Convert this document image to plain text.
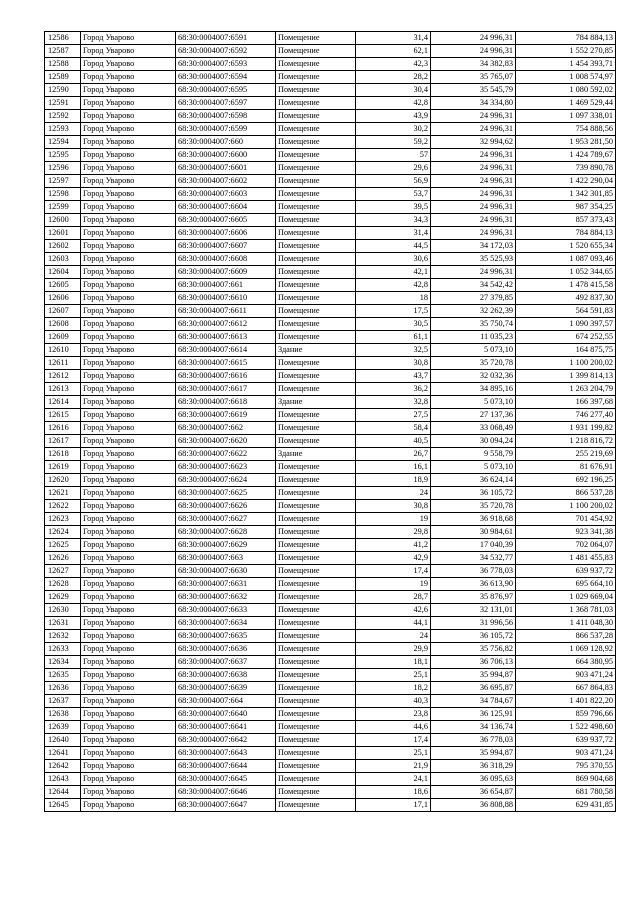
12586	Город Уварово	68:30:0004007:6591	Помещение	31,4	24 996,31	784 884,13
12587	Город Уварово	68:30:0004007:6592	Помещение	62,1	24 996,31	1 552 270,85
12588	Город Уварово	68:30:0004007:6593	Помещение	42,3	34 382,83	1 454 393,71
12589	Город Уварово	68:30:0004007:6594	Помещение	28,2	35 765,07	1 008 574,97
12590	Город Уварово	68:30:0004007:6595	Помещение	30,4	35 545,79	1 080 592,02
12591	Город Уварово	68:30:0004007:6597	Помещение	42,8	34 334,80	1 469 529,44
12592	Город Уварово	68:30:0004007:6598	Помещение	43,9	24 996,31	1 097 338,01
12593	Город Уварово	68:30:0004007:6599	Помещение	30,2	24 996,31	754 888,56
12594	Город Уварово	68:30:0004007:660	Помещение	59,2	32 994,62	1 953 281,50
12595	Город Уварово	68:30:0004007:6600	Помещение	57	24 996,31	1 424 789,67
12596	Город Уварово	68:30:0004007:6601	Помещение	29,6	24 996,31	739 890,78
12597	Город Уварово	68:30:0004007:6602	Помещение	56,9	24 996,31	1 422 290,04
12598	Город Уварово	68:30:0004007:6603	Помещение	53,7	24 996,31	1 342 301,85
12599	Город Уварово	68:30:0004007:6604	Помещение	39,5	24 996,31	987 354,25
12600	Город Уварово	68:30:0004007:6605	Помещение	34,3	24 996,31	857 373,43
12601	Город Уварово	68:30:0004007:6606	Помещение	31,4	24 996,31	784 884,13
12602	Город Уварово	68:30:0004007:6607	Помещение	44,5	34 172,03	1 520 655,34
12603	Город Уварово	68:30:0004007:6608	Помещение	30,6	35 525,93	1 087 093,46
12604	Город Уварово	68:30:0004007:6609	Помещение	42,1	24 996,31	1 052 344,65
12605	Город Уварово	68:30:0004007:661	Помещение	42,8	34 542,42	1 478 415,58
12606	Город Уварово	68:30:0004007:6610	Помещение	18	27 379,85	492 837,30
12607	Город Уварово	68:30:0004007:6611	Помещение	17,5	32 262,39	564 591,83
12608	Город Уварово	68:30:0004007:6612	Помещение	30,5	35 750,74	1 090 397,57
12609	Город Уварово	68:30:0004007:6613	Помещение	61,1	11 035,23	674 252,55
12610	Город Уварово	68:30:0004007:6614	Здание	32,5	5 073,10	164 875,75
12611	Город Уварово	68:30:0004007:6615	Помещение	30,8	35 720,78	1 100 200,02
12612	Город Уварово	68:30:0004007:6616	Помещение	43,7	32 032,36	1 399 814,13
12613	Город Уварово	68:30:0004007:6617	Помещение	36,2	34 895,16	1 263 204,79
12614	Город Уварово	68:30:0004007:6618	Здание	32,8	5 073,10	166 397,68
12615	Город Уварово	68:30:0004007:6619	Помещение	27,5	27 137,36	746 277,40
12616	Город Уварово	68:30:0004007:662	Помещение	58,4	33 068,49	1 931 199,82
12617	Город Уварово	68:30:0004007:6620	Помещение	40,5	30 094,24	1 218 816,72
12618	Город Уварово	68:30:0004007:6622	Здание	26,7	9 558,79	255 219,69
12619	Город Уварово	68:30:0004007:6623	Помещение	16,1	5 073,10	81 676,91
12620	Город Уварово	68:30:0004007:6624	Помещение	18,9	36 624,14	692 196,25
12621	Город Уварово	68:30:0004007:6625	Помещение	24	36 105,72	866 537,28
12622	Город Уварово	68:30:0004007:6626	Помещение	30,8	35 720,78	1 100 200,02
12623	Город Уварово	68:30:0004007:6627	Помещение	19	36 918,68	701 454,92
12624	Город Уварово	68:30:0004007:6628	Помещение	29,8	30 984,61	923 341,38
12625	Город Уварово	68:30:0004007:6629	Помещение	41,2	17 040,39	702 064,07
12626	Город Уварово	68:30:0004007:663	Помещение	42,9	34 532,77	1 481 455,83
12627	Город Уварово	68:30:0004007:6630	Помещение	17,4	36 778,03	639 937,72
12628	Город Уварово	68:30:0004007:6631	Помещение	19	36 613,90	695 664,10
12629	Город Уварово	68:30:0004007:6632	Помещение	28,7	35 876,97	1 029 669,04
12630	Город Уварово	68:30:0004007:6633	Помещение	42,6	32 131,01	1 368 781,03
12631	Город Уварово	68:30:0004007:6634	Помещение	44,1	31 996,56	1 411 048,30
12632	Город Уварово	68:30:0004007:6635	Помещение	24	36 105,72	866 537,28
12633	Город Уварово	68:30:0004007:6636	Помещение	29,9	35 756,82	1 069 128,92
12634	Город Уварово	68:30:0004007:6637	Помещение	18,1	36 706,13	664 380,95
12635	Город Уварово	68:30:0004007:6638	Помещение	25,1	35 994,87	903 471,24
12636	Город Уварово	68:30:0004007:6639	Помещение	18,2	36 695,87	667 864,83
12637	Город Уварово	68:30:0004007:664	Помещение	40,3	34 784,67	1 401 822,20
12638	Город Уварово	68:30:0004007:6640	Помещение	23,8	36 125,91	859 796,66
12639	Город Уварово	68:30:0004007:6641	Помещение	44,6	34 136,74	1 522 498,60
12640	Город Уварово	68:30:0004007:6642	Помещение	17,4	36 778,03	639 937,72
12641	Город Уварово	68:30:0004007:6643	Помещение	25,1	35 994,87	903 471,24
12642	Город Уварово	68:30:0004007:6644	Помещение	21,9	36 318,29	795 370,55
12643	Город Уварово	68:30:0004007:6645	Помещение	24,1	36 095,63	869 904,68
12644	Город Уварово	68:30:0004007:6646	Помещение	18,6	36 654,87	681 780,58
12645	Город Уварово	68:30:0004007:6647	Помещение	17,1	36 808,88	629 431,85
